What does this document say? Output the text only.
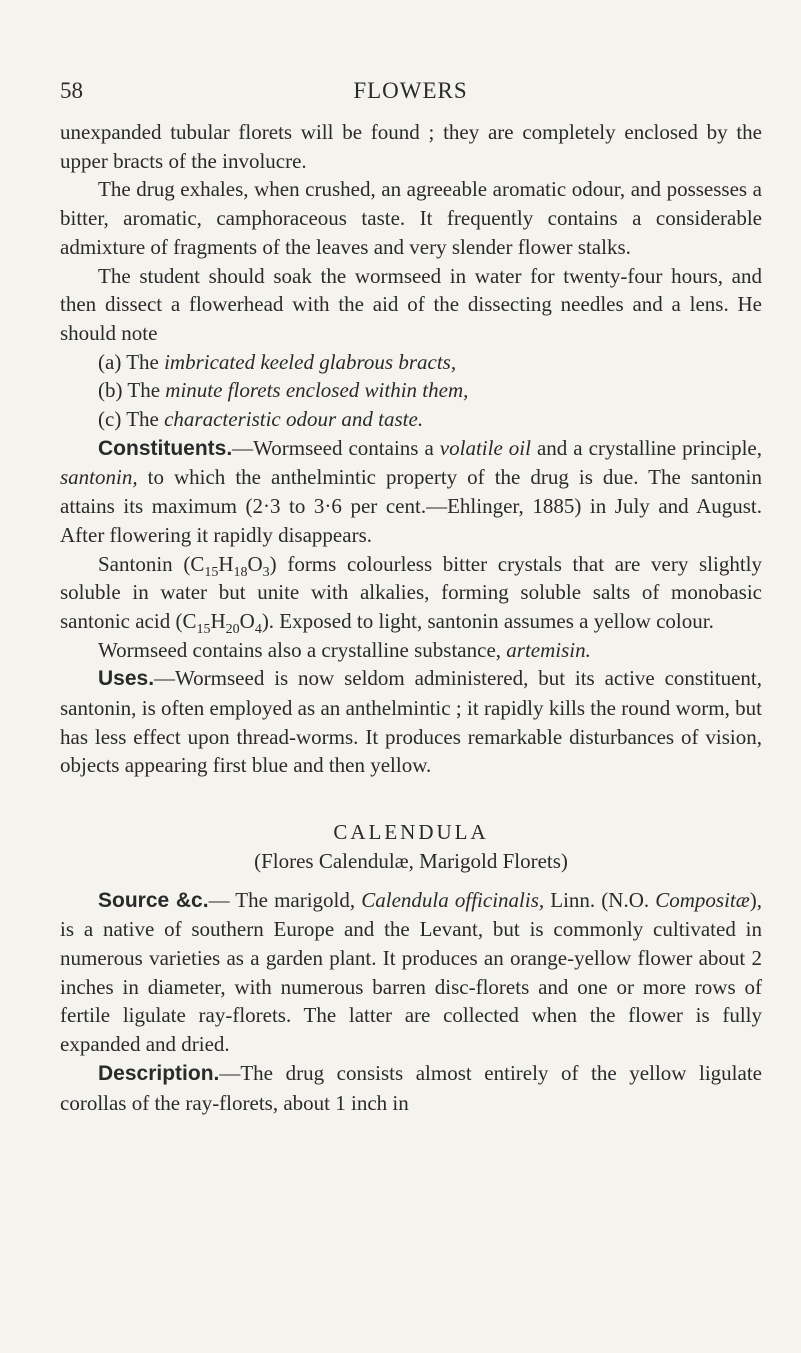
58	FLOWERS

unexpanded tubular florets will be found ; they are completely enclosed by the upper bracts of the involucre.

The drug exhales, when crushed, an agreeable aromatic odour, and possesses a bitter, aromatic, camphoraceous taste. It frequently contains a considerable admixture of fragments of the leaves and very slender flower stalks.

The student should soak the wormseed in water for twenty-four hours, and then dissect a flowerhead with the aid of the dissecting needles and a lens. He should note

(a) The imbricated keeled glabrous bracts,

(b) The minute florets enclosed within them,

(c) The characteristic odour and taste.

Constituents.—Wormseed contains a volatile oil and a crystalline principle, santonin, to which the anthelmintic property of the drug is due. The santonin attains its maximum (2·3 to 3·6 per cent.—Ehlinger, 1885) in July and August. After flowering it rapidly disappears.

Santonin $(C_{15}H_{18}O_3)$ forms colourless bitter crystals that are very slightly soluble in water but unite with alkalies, forming soluble salts of monobasic santonic acid $(C_{15}H_{20}O_4)$. Exposed to light, santonin assumes a yellow colour.

Wormseed contains also a crystalline substance, artemisin.

Uses.—Wormseed is now seldom administered, but its active constituent, santonin, is often employed as an anthelmintic ; it rapidly kills the round worm, but has less effect upon thread-worms. It produces remarkable disturbances of vision, objects appearing first blue and then yellow.

CALENDULA

(Flores Calendulæ, Marigold Florets)

Source &c.— The marigold, Calendula officinalis, Linn. (N.O. Compositæ), is a native of southern Europe and the Levant, but is commonly cultivated in numerous varieties as a garden plant. It produces an orange-yellow flower about 2 inches in diameter, with numerous barren disc-florets and one or more rows of fertile ligulate ray-florets. The latter are collected when the flower is fully expanded and dried.

Description.—The drug consists almost entirely of the yellow ligulate corollas of the ray-florets, about 1 inch in
